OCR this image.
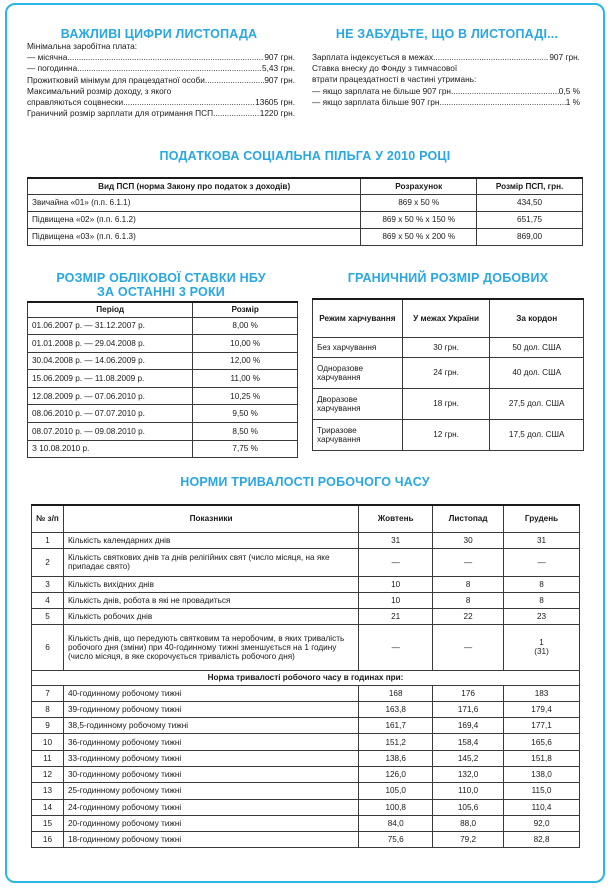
ВАЖЛИВІ ЦИФРИ ЛИСТОПАДА
Мінімальна заробітна плата:
— місячна .....	907 грн.
— погодинна .....	5,43 грн.
Прожитковий мінімум для працездатної особи .....	907 грн.
Максимальний розмір доходу, з якого
справляються соцвнески .....	13605 грн.
Граничний розмір зарплати для отримання ПСП .....	1220 грн.
НЕ ЗАБУДЬТЕ, ЩО В ЛИСТОПАДІ...
Зарплата індексується в межах .....	907 грн.
Ставка внеску до Фонду з тимчасової
втрати працездатності в частині утримань:
— якщо зарплата не більше 907 грн. .....	0,5 %
— якщо зарплата більше 907 грн. .....	1 %
ПОДАТКОВА СОЦІАЛЬНА ПІЛЬГА У 2010 РОЦІ
Вид ПСП (норма Закону про податок з доходів)	Розрахунок	Розмір ПСП, грн.
Звичайна «01» (п.п. 6.1.1)	869 х 50 %	434,50
Підвищена «02» (п.п. 6.1.2)	869 х 50 % х 150 %	651,75
Підвищена «03» (п.п. 6.1.3)	869 х 50 % х 200 %	869,00
РОЗМІР ОБЛІКОВОЇ СТАВКИ НБУ
ЗА ОСТАННІ 3 РОКИ
Період	Розмір
01.06.2007 р. — 31.12.2007 р.	8,00 %
01.01.2008 р. — 29.04.2008 р.	10,00 %
30.04.2008 р. — 14.06.2009 р.	12,00 %
15.06.2009 р. — 11.08.2009 р.	11,00 %
12.08.2009 р. — 07.06.2010 р.	10,25 %
08.06.2010 р. — 07.07.2010 р.	9,50 %
08.07.2010 р. — 09.08.2010 р.	8,50 %
З 10.08.2010 р.	7,75 %
ГРАНИЧНИЙ РОЗМІР ДОБОВИХ
Режим харчування	У межах України	За кордон
Без харчування	30 грн.	50 дол. США
Одноразове харчування	24 грн.	40 дол. США
Дворазове харчування	18 грн.	27,5 дол. США
Триразове харчування	12 грн.	17,5 дол. США
НОРМИ ТРИВАЛОСТІ РОБОЧОГО ЧАСУ
№ з/п	Показники	Жовтень	Листопад	Грудень
1	Кількість календарних днів	31	30	31
2	Кількість святкових днів та днів релігійних свят (число місяця, на яке припадає свято)	—	—	—
3	Кількість вихідних днів	10	8	8
4	Кількість днів, робота в які не провадиться	10	8	8
5	Кількість робочих днів	21	22	23
6	Кількість днів, що передують святковим та неробочим, в яких тривалість робочого дня (зміни) при 40-годинному тижні зменшується на 1 годину (число місяця, в яке скорочується тривалість робочого дня)	—	—	1
(31)
Норма тривалості робочого часу в годинах при:				
7	40-годинному робочому тижні	168	176	183
8	39-годинному робочому тижні	163,8	171,6	179,4
9	38,5-годинному робочому тижні	161,7	169,4	177,1
10	36-годинному робочому тижні	151,2	158,4	165,6
11	33-годинному робочому тижні	138,6	145,2	151,8
12	30-годинному робочому тижні	126,0	132,0	138,0
13	25-годинному робочому тижні	105,0	110,0	115,0
14	24-годинному робочому тижні	100,8	105,6	110,4
15	20-годинному робочому тижні	84,0	88,0	92,0
16	18-годинному робочому тижні	75,6	79,2	82,8
